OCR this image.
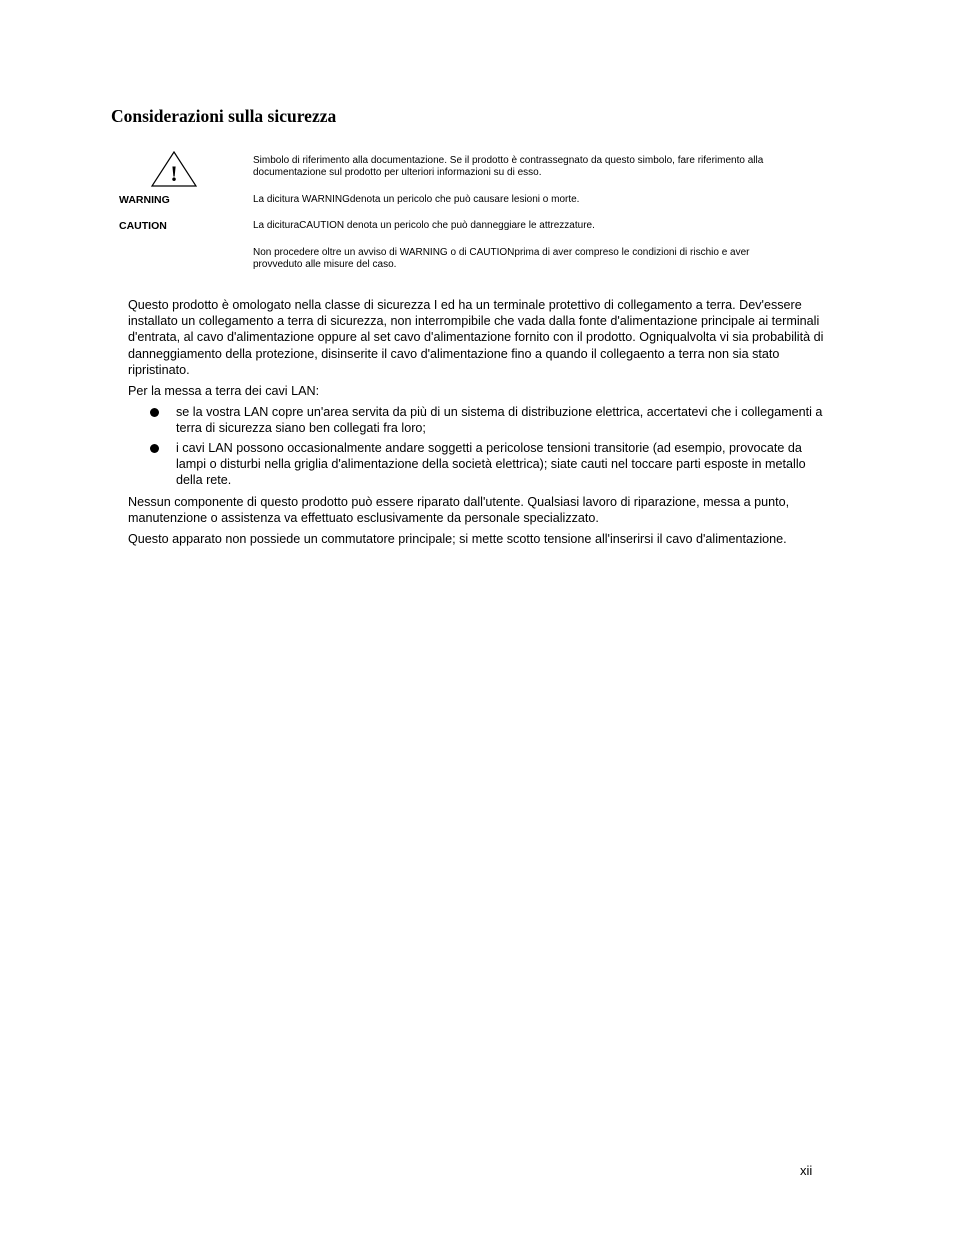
Considerazioni sulla sicurezza
!
Simbolo di riferimento alla documentazione. Se il prodotto è contrassegnato da questo simbolo, fare riferimento alla documentazione sul prodotto per ulteriori informazioni su di esso.
WARNING	La dicitura WARNINGdenota un pericolo che può causare lesioni o morte.
CAUTION	La dicituraCAUTION denota un pericolo che può danneggiare le attrezzature.
Non procedere oltre un avviso di WARNING o di CAUTIONprima di aver compreso le condizioni di rischio e aver provveduto alle misure del caso.

Questo prodotto è omologato nella classe di sicurezza I ed ha un terminale protettivo di collegamento a terra. Dev'essere installato un collegamento a terra di sicurezza, non interrompibile che vada dalla fonte d'alimentazione principale ai terminali d'entrata, al cavo d'alimentazione oppure al set cavo d'alimentazione fornito con il prodotto. Ogniqualvolta vi sia probabilità di danneggiamento della protezione, disinserite il cavo d'alimentazione fino a quando il collegaento a terra non sia stato ripristinato.

Per la messa a terra dei cavi LAN:

se la vostra LAN copre un'area servita da più di un sistema di distribuzione elettrica, accertatevi che i collegamenti a terra di sicurezza siano ben collegati fra loro;
i cavi LAN possono occasionalmente andare soggetti a pericolose tensioni transitorie (ad esempio, provocate da lampi o disturbi nella griglia d'alimentazione della società elettrica); siate cauti nel toccare parti esposte in metallo della rete.

Nessun componente di questo prodotto può essere riparato dall'utente. Qualsiasi lavoro di riparazione, messa a punto, manutenzione o assistenza va effettuato esclusivamente da personale specializzato.

Questo apparato non possiede un commutatore principale; si mette scotto tensione all'inserirsi il cavo d'alimentazione.

xii
